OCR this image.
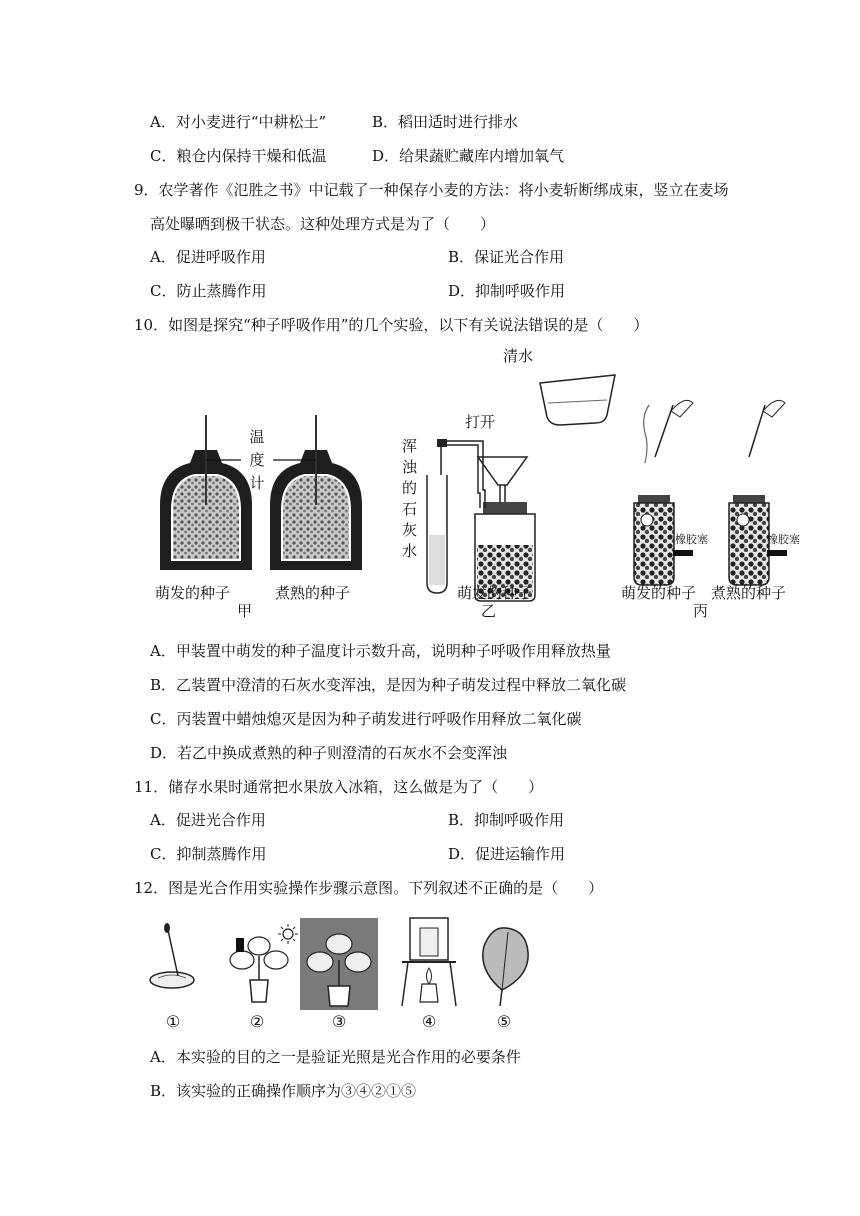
A．对小麦进行“中耕松土”	B．稻田适时进行排水
C．粮仓内保持干燥和低温	D．给果蔬贮藏库内增加氧气
9．农学著作《氾胜之书》中记载了一种保存小麦的方法：将小麦斩断绑成束，竖立在麦场
高处曝晒到极干状态。这种处理方式是为了（　　）
A．促进呼吸作用	B．保证光合作用
C．防止蒸腾作用	D．抑制呼吸作用
10．如图是探究“种子呼吸作用”的几个实验，以下有关说法错误的是（　　）
温
度
计
萌发的种子	煮熟的种子
甲
清水
打开
浑
浊
的
石
灰
水
萌发的种子
乙
橡胶塞	橡胶塞
萌发的种子 煮熟的种子
丙
A．甲装置中萌发的种子温度计示数升高，说明种子呼吸作用释放热量
B．乙装置中澄清的石灰水变浑浊，是因为种子萌发过程中释放二氧化碳
C．丙装置中蜡烛熄灭是因为种子萌发进行呼吸作用释放二氧化碳
D．若乙中换成煮熟的种子则澄清的石灰水不会变浑浊
11．储存水果时通常把水果放入冰箱，这么做是为了（　　）
A．促进光合作用	B．抑制呼吸作用
C．抑制蒸腾作用	D．促进运输作用
12．图是光合作用实验操作步骤示意图。下列叙述不正确的是（　　）
①	②	③	④	⑤
A．本实验的目的之一是验证光照是光合作用的必要条件
B．该实验的正确操作顺序为③④②①⑤
